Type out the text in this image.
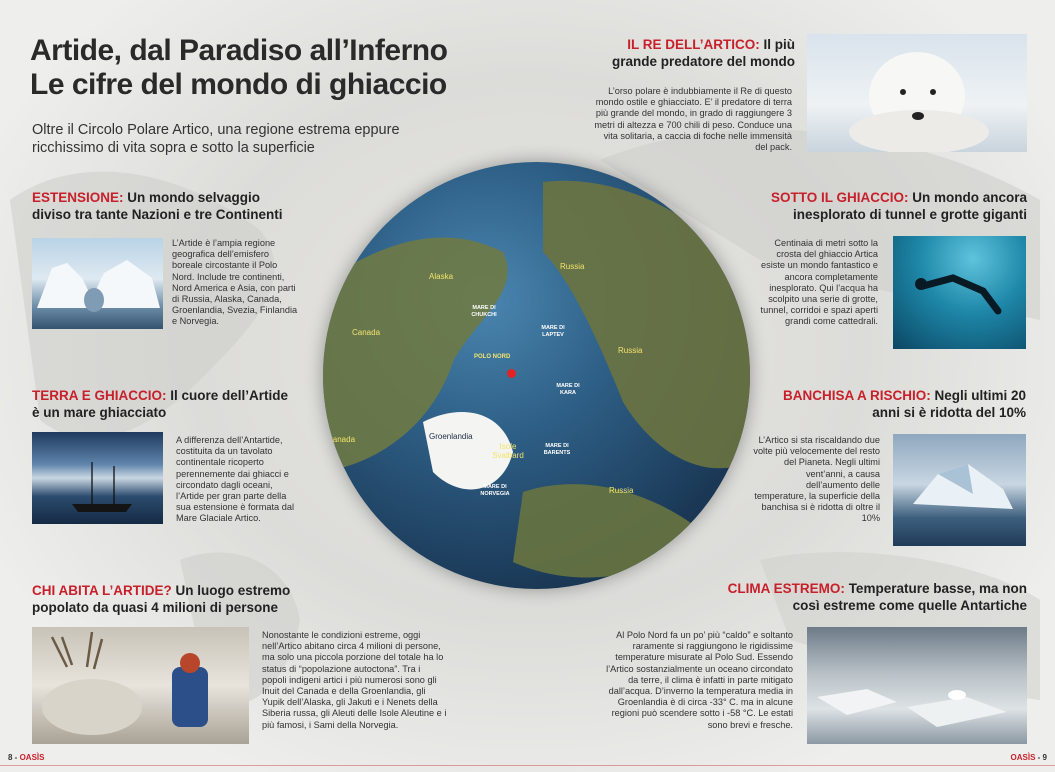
Artide, dal Paradiso all’Inferno
Le cifre del mondo di ghiaccio
Oltre il Circolo Polare Artico, una regione estrema eppure ricchissimo di vita sopra e sotto la superficie
ESTENSIONE: Un mondo selvaggio diviso tra tante Nazioni e tre Continenti
L’Artide è l’ampia regione geografica dell’emisfero boreale circostante il Polo Nord. Include tre continenti, Nord America e Asia, con parti di Russia, Alaska, Canada, Groenlandia, Svezia, Finlandia e Norvegia.
TERRA E GHIACCIO: Il cuore dell’Artide è un mare ghiacciato
A differenza dell’Antartide, costituita da un tavolato continentale ricoperto perennemente dai ghiacci e circondato dagli oceani, l’Artide per gran parte della sua estensione è formata dal Mare Glaciale Artico.
CHI ABITA L’ARTIDE? Un luogo estremo popolato da quasi 4 milioni di persone
Nonostante le condizioni estreme, oggi nell’Artico abitano circa 4 milioni di persone, ma solo una piccola porzione del totale ha lo status di “popolazione autoctona”. Tra i popoli indigeni artici i più numerosi sono gli Inuit del Canada e della Groenlandia, gli Yupik dell’Alaska, gli Jakuti e i Nenets della Siberia russa, gli Aleuti delle Isole Aleutine e i più famosi, i Sami della Norvegia.
IL RE DELL’ARTICO: Il più grande predatore del mondo
L’orso polare è indubbiamente il Re di questo mondo ostile e ghiacciato. E’ il predatore di terra più grande del mondo, in grado di raggiungere 3 metri di altezza e 700 chili di peso. Conduce una vita solitaria, a caccia di foche nelle immensità del pack.
SOTTO IL GHIACCIO: Un mondo ancora inesplorato di tunnel e grotte giganti
Centinaia di metri sotto la crosta del ghiaccio Artica esiste un mondo fantastico e ancora completamente inesplorato. Qui l’acqua ha scolpito una serie di grotte, tunnel, corridoi e spazi aperti grandi come cattedrali.
BANCHISA A RISCHIO: Negli ultimi 20 anni si è ridotta del 10%
L’Artico si sta riscaldando due volte più velocemente del resto del Pianeta. Negli ultimi vent’anni, a causa dell’aumento delle temperature, la superficie della banchisa si è ridotta di oltre il 10%
CLIMA ESTREMO: Temperature basse, ma non così estreme come quelle Antartiche
Al Polo Nord fa un po’ più “caldo” e soltanto raramente si raggiungono le rigidissime temperature misurate al Polo Sud. Essendo l’Artico sostanzialmente un oceano circondato da terre, il clima è infatti in parte mitigato dall’acqua. D’inverno la temperatura media in Groenlandia è di circa -33° C. ma in alcune regioni può scendere sotto i -58 °C. Le estati sono brevi e fresche.
Alaska
Russia
Russia
Russia
Canada
Canada	Groenlandia
Isole Svalbard
POLO NORD
MARE DI CHUKCHI
MARE DI LAPTEV
MARE DI KARA
MARE DI BARENTS
MARE DI NORVEGIA
8 - OASÌS	OASÌS - 9
